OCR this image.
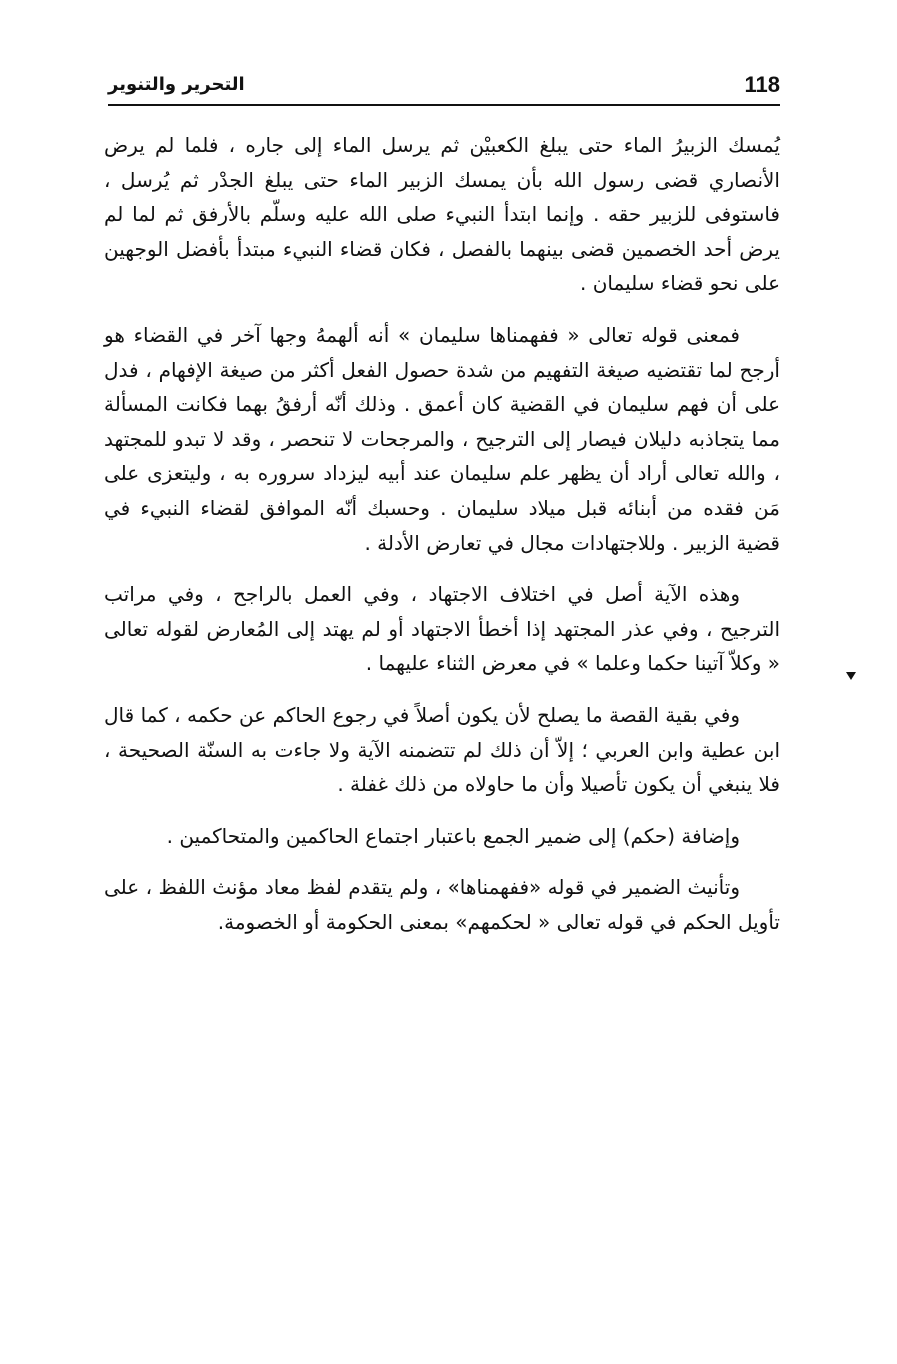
118
التحرير والتنوير

يُمسك الزبيرُ الماء حتى يبلغ الكعبيْن ثم يرسل الماء إلى جاره ، فلما لم يرض الأنصاري قضى رسول الله بأن يمسك الزبير الماء حتى يبلغ الجدْر ثم يُرسل ، فاستوفى للزبير حقه . وإنما ابتدأ النبيء صلى الله عليه وسلّم بالأرفق ثم لما لم يرض أحد الخصمين قضى بينهما بالفصل ، فكان قضاء النبيء مبتدأ بأفضل الوجهين على نحو قضاء سليمان .

فمعنى قوله تعالى « ففهمناها سليمان » أنه ألهمهُ وجها آخر في القضاء هو أرجح لما تقتضيه صيغة التفهيم من شدة حصول الفعل أكثر من صيغة الإفهام ، فدل على أن فهم سليمان في القضية كان أعمق . وذلك أنّه أرفقُ بهما فكانت المسألة مما يتجاذبه دليلان فيصار إلى الترجيح ، والمرجحات لا تنحصر ، وقد لا تبدو للمجتهد ، والله تعالى أراد أن يظهر علم سليمان عند أبيه ليزداد سروره به ، وليتعزى على مَن فقده من أبنائه قبل ميلاد سليمان . وحسبك أنّه الموافق لقضاء النبيء في قضية الزبير . وللاجتهادات مجال في تعارض الأدلة .

وهذه الآية أصل في اختلاف الاجتهاد ، وفي العمل بالراجح ، وفي مراتب الترجيح ، وفي عذر المجتهد إذا أخطأ الاجتهاد أو لم يهتد إلى المُعارض لقوله تعالى « وكلاّ آتينا حكما وعلما » في معرض الثناء عليهما .

وفي بقية القصة ما يصلح لأن يكون أصلاً في رجوع الحاكم عن حكمه ، كما قال ابن عطية وابن العربي ؛ إلاّ أن ذلك لم تتضمنه الآية ولا جاءت به السنّة الصحيحة ، فلا ينبغي أن يكون تأصيلا وأن ما حاولاه من ذلك غفلة .

وإضافة (حكم) إلى ضمير الجمع باعتبار اجتماع الحاكمين والمتحاكمين .

وتأنيث الضمير في قوله «ففهمناها» ، ولم يتقدم لفظ معاد مؤنث اللفظ ، على تأويل الحكم في قوله تعالى « لحكمهم» بمعنى الحكومة أو الخصومة.
